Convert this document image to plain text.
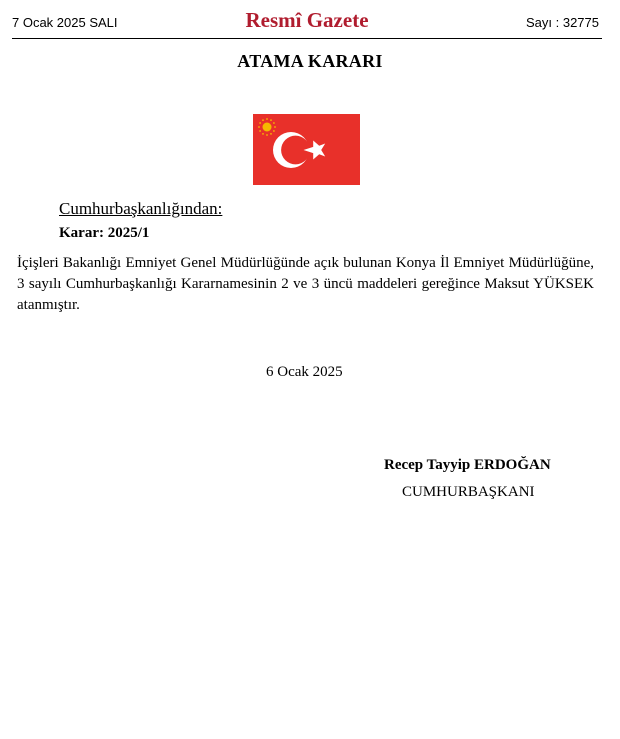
7 Ocak 2025 SALI	Resmî Gazete	Sayı : 32775
ATAMA KARARI
Cumhurbaşkanlığından:
Karar: 2025/1
İçişleri Bakanlığı Emniyet Genel Müdürlüğünde açık bulunan Konya İl Emniyet Müdürlüğüne, 3 sayılı Cumhurbaşkanlığı Kararnamesinin 2 ve 3 üncü maddeleri gereğince Maksut YÜKSEK atanmıştır.
6 Ocak 2025
Recep Tayyip ERDOĞAN
CUMHURBAŞKANI
